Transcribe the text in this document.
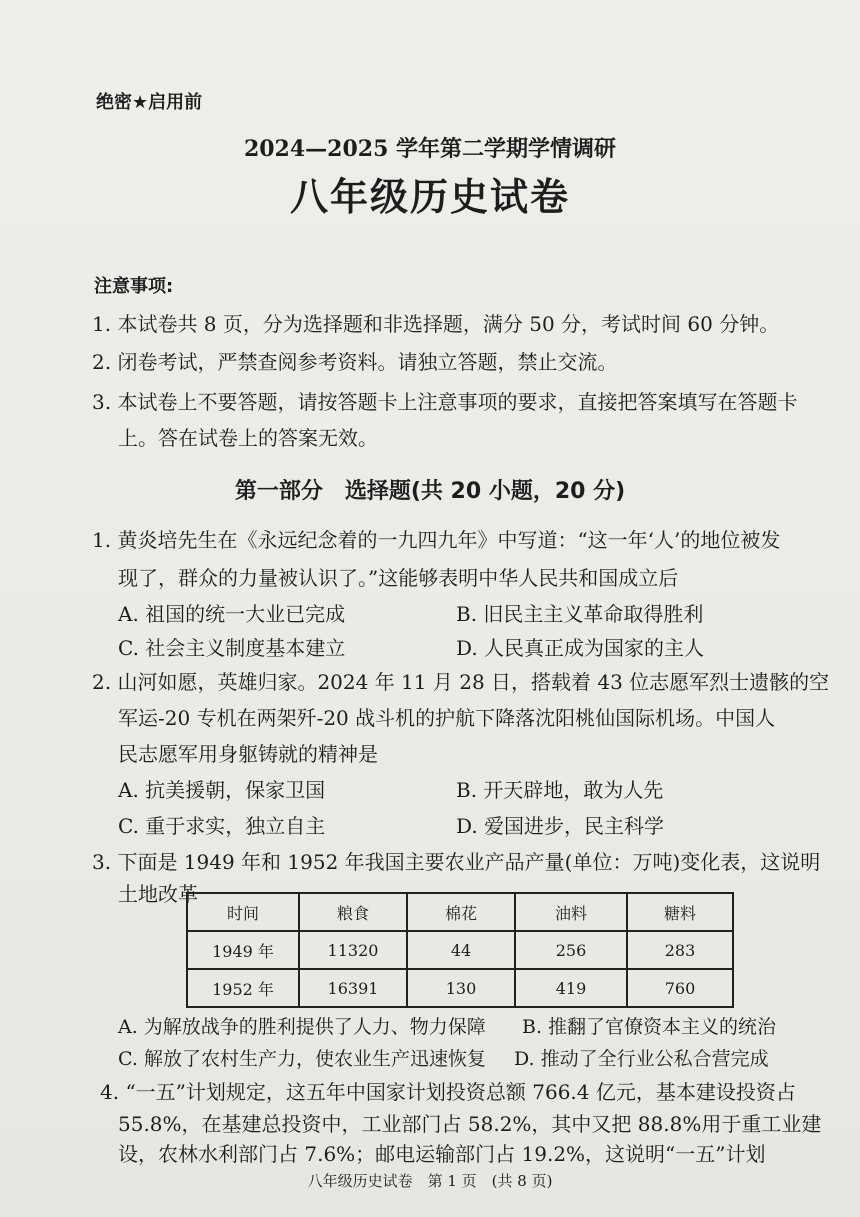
绝密★启用前
2024—2025 学年第二学期学情调研
八年级历史试卷
注意事项:
1. 本试卷共 8 页，分为选择题和非选择题，满分 50 分，考试时间 60 分钟。
2. 闭卷考试，严禁查阅参考资料。请独立答题，禁止交流。
3. 本试卷上不要答题，请按答题卡上注意事项的要求，直接把答案填写在答题卡
上。答在试卷上的答案无效。
第一部分　选择题(共 20 小题，20 分)
1. 黄炎培先生在《永远纪念着的一九四九年》中写道：“这一年‘人’的地位被发
现了，群众的力量被认识了。”这能够表明中华人民共和国成立后
A. 祖国的统一大业已完成	B. 旧民主主义革命取得胜利
C. 社会主义制度基本建立	D. 人民真正成为国家的主人
2. 山河如愿，英雄归家。2024 年 11 月 28 日，搭载着 43 位志愿军烈士遗骸的空
军运-20 专机在两架歼-20 战斗机的护航下降落沈阳桃仙国际机场。中国人
民志愿军用身躯铸就的精神是
A. 抗美援朝，保家卫国	B. 开天辟地，敢为人先
C. 重于求实，独立自主	D. 爱国进步，民主科学
3. 下面是 1949 年和 1952 年我国主要农业产品产量(单位：万吨)变化表，这说明
土地改革
时间	粮食	棉花	油料	糖料
1949 年	11320	44	256	283
1952 年	16391	130	419	760
A. 为解放战争的胜利提供了人力、物力保障 B. 推翻了官僚资本主义的统治
C. 解放了农村生产力，使农业生产迅速恢复 D. 推动了全行业公私合营完成
4. “一五”计划规定，这五年中国家计划投资总额 766.4 亿元，基本建设投资占
55.8%，在基建总投资中，工业部门占 58.2%，其中又把 88.8%用于重工业建
设，农林水利部门占 7.6%；邮电运输部门占 19.2%，这说明“一五”计划
八年级历史试卷　第 1 页　(共 8 页)
